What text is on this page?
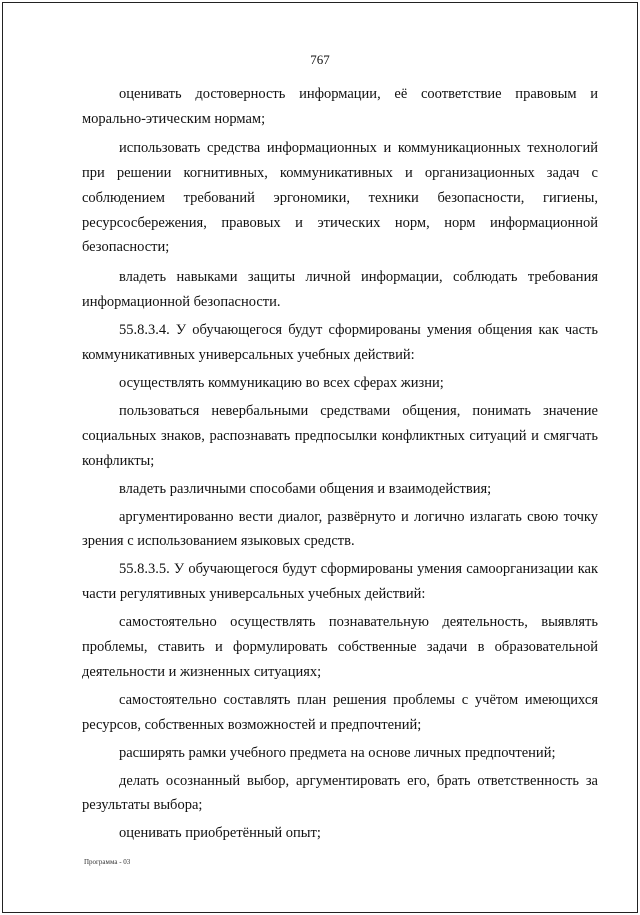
767

оценивать достоверность информации, её соответствие правовым и морально-этическим нормам;

использовать средства информационных и коммуникационных технологий при решении когнитивных, коммуникативных и организационных задач с соблюдением требований эргономики, техники безопасности, гигиены, ресурсосбережения, правовых и этических норм, норм информационной безопасности;

владеть навыками защиты личной информации, соблюдать требования информационной безопасности.

55.8.3.4. У обучающегося будут сформированы умения общения как часть коммуникативных универсальных учебных действий:

осуществлять коммуникацию во всех сферах жизни;

пользоваться невербальными средствами общения, понимать значение социальных знаков, распознавать предпосылки конфликтных ситуаций и смягчать конфликты;

владеть различными способами общения и взаимодействия;

аргументированно вести диалог, развёрнуто и логично излагать свою точку зрения с использованием языковых средств.

55.8.3.5. У обучающегося будут сформированы умения самоорганизации как части регулятивных универсальных учебных действий:

самостоятельно осуществлять познавательную деятельность, выявлять проблемы, ставить и формулировать собственные задачи в образовательной деятельности и жизненных ситуациях;

самостоятельно составлять план решения проблемы с учётом имеющихся ресурсов, собственных возможностей и предпочтений;

расширять рамки учебного предмета на основе личных предпочтений;

делать осознанный выбор, аргументировать его, брать ответственность за результаты выбора;

оценивать приобретённый опыт;

Программа - 03
